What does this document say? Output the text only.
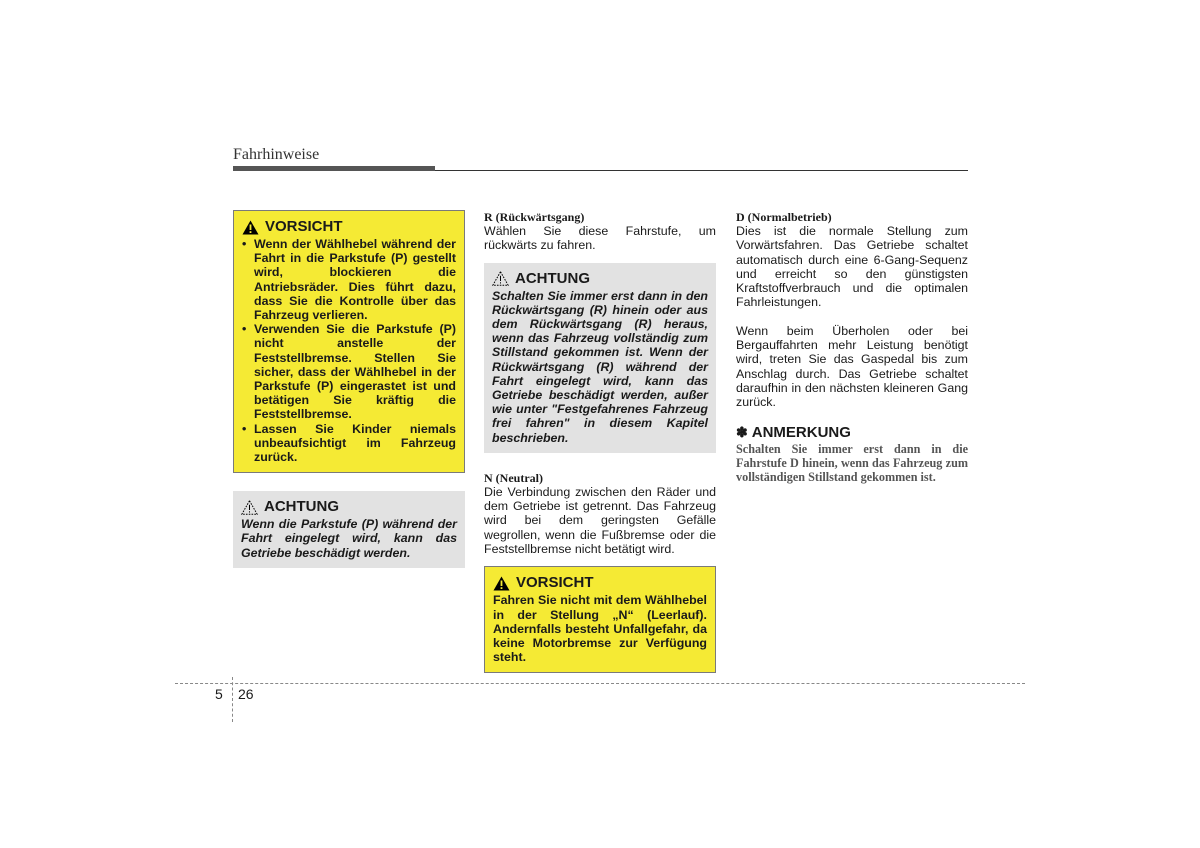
Fahrhinweise
VORSICHT
• Wenn der Wählhebel während der Fahrt in die Parkstufe (P) gestellt wird, blockieren die Antriebsräder. Dies führt dazu, dass Sie die Kontrolle über das Fahrzeug verlieren.
• Verwenden Sie die Parkstufe (P) nicht anstelle der Feststellbremse. Stellen Sie sicher, dass der Wählhebel in der Parkstufe (P) eingerastet ist und betätigen Sie kräftig die Feststellbremse.
• Lassen Sie Kinder niemals unbeaufsichtigt im Fahrzeug zurück.
ACHTUNG

Wenn die Parkstufe (P) während der Fahrt eingelegt wird, kann das Getriebe beschädigt werden.

R (Rückwärtsgang)

Wählen Sie diese Fahrstufe, um rückwärts zu fahren.

ACHTUNG

Schalten Sie immer erst dann in den Rückwärtsgang (R) hinein oder aus dem Rückwärtsgang (R) heraus, wenn das Fahrzeug vollständig zum Stillstand gekommen ist. Wenn der Rückwärtsgang (R) während der Fahrt eingelegt wird, kann das Getriebe beschädigt werden, außer wie unter "Festgefahrenes Fahrzeug frei fahren" in diesem Kapitel beschrieben.

N (Neutral)

Die Verbindung zwischen den Räder und dem Getriebe ist getrennt. Das Fahrzeug wird bei dem geringsten Gefälle wegrollen, wenn die Fußbremse oder die Feststellbremse nicht betätigt wird.

VORSICHT

Fahren Sie nicht mit dem Wählhebel in der Stellung „N“ (Leerlauf). Andernfalls besteht Unfallgefahr, da keine Motorbremse zur Verfügung steht.

D (Normalbetrieb)

Dies ist die normale Stellung zum Vorwärtsfahren. Das Getriebe schaltet automatisch durch eine 6-Gang-Sequenz und erreicht so den günstigsten Kraftstoffverbrauch und die optimalen Fahrleistungen.

Wenn beim Überholen oder bei Bergauffahrten mehr Leistung benötigt wird, treten Sie das Gaspedal bis zum Anschlag durch. Das Getriebe schaltet daraufhin in den nächsten kleineren Gang zurück.

✽ ANMERKUNG

Schalten Sie immer erst dann in die Fahrstufe D hinein, wenn das Fahrzeug zum vollständigen Stillstand gekommen ist.

5 26
